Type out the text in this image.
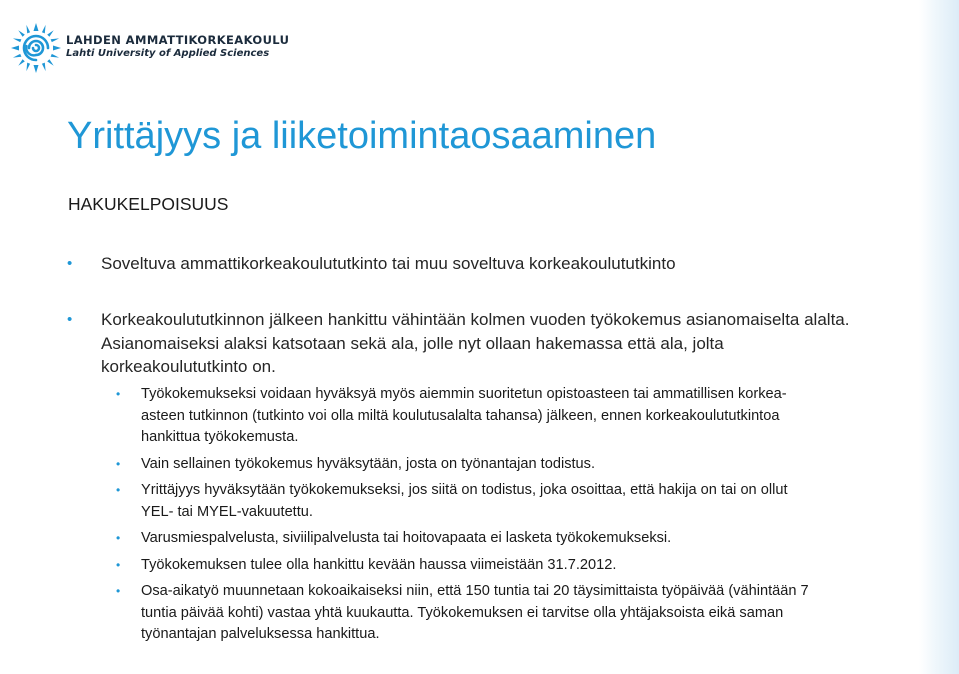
LAHDEN AMMATTIKORKEAKOULU
Lahti University of Applied Sciences
Yrittäjyys ja liiketoimintaosaaminen
HAKUKELPOISUUS
• Soveltuva ammattikorkeakoulututkinto tai muu soveltuva korkeakoulututkinto
• Korkeakoulututkinnon jälkeen hankittu vähintään kolmen vuoden työkokemus asianomaiselta alalta. Asianomaiseksi alaksi katsotaan sekä ala, jolle nyt ollaan hakemassa että ala, jolta korkeakoulututkinto on.
• Työkokemukseksi voidaan hyväksyä myös aiemmin suoritetun opistoasteen tai ammatillisen korkea-asteen tutkinnon (tutkinto voi olla miltä koulutusalalta tahansa) jälkeen, ennen korkeakoulututkintoa hankittua työkokemusta.
• Vain sellainen työkokemus hyväksytään, josta on työnantajan todistus.
• Yrittäjyys hyväksytään työkokemukseksi, jos siitä on todistus, joka osoittaa, että hakija on tai on ollut YEL- tai MYEL-vakuutettu.
• Varusmiespalvelusta, siviilipalvelusta tai hoitovapaata ei lasketa työkokemukseksi.
• Työkokemuksen tulee olla hankittu kevään haussa viimeistään 31.7.2012.
• Osa-aikatyö muunnetaan kokoaikaiseksi niin, että 150 tuntia tai 20 täysimittaista työpäivää (vähintään 7 tuntia päivää kohti) vastaa yhtä kuukautta. Työkokemuksen ei tarvitse olla yhtäjaksoista eikä saman työnantajan palveluksessa hankittua.
